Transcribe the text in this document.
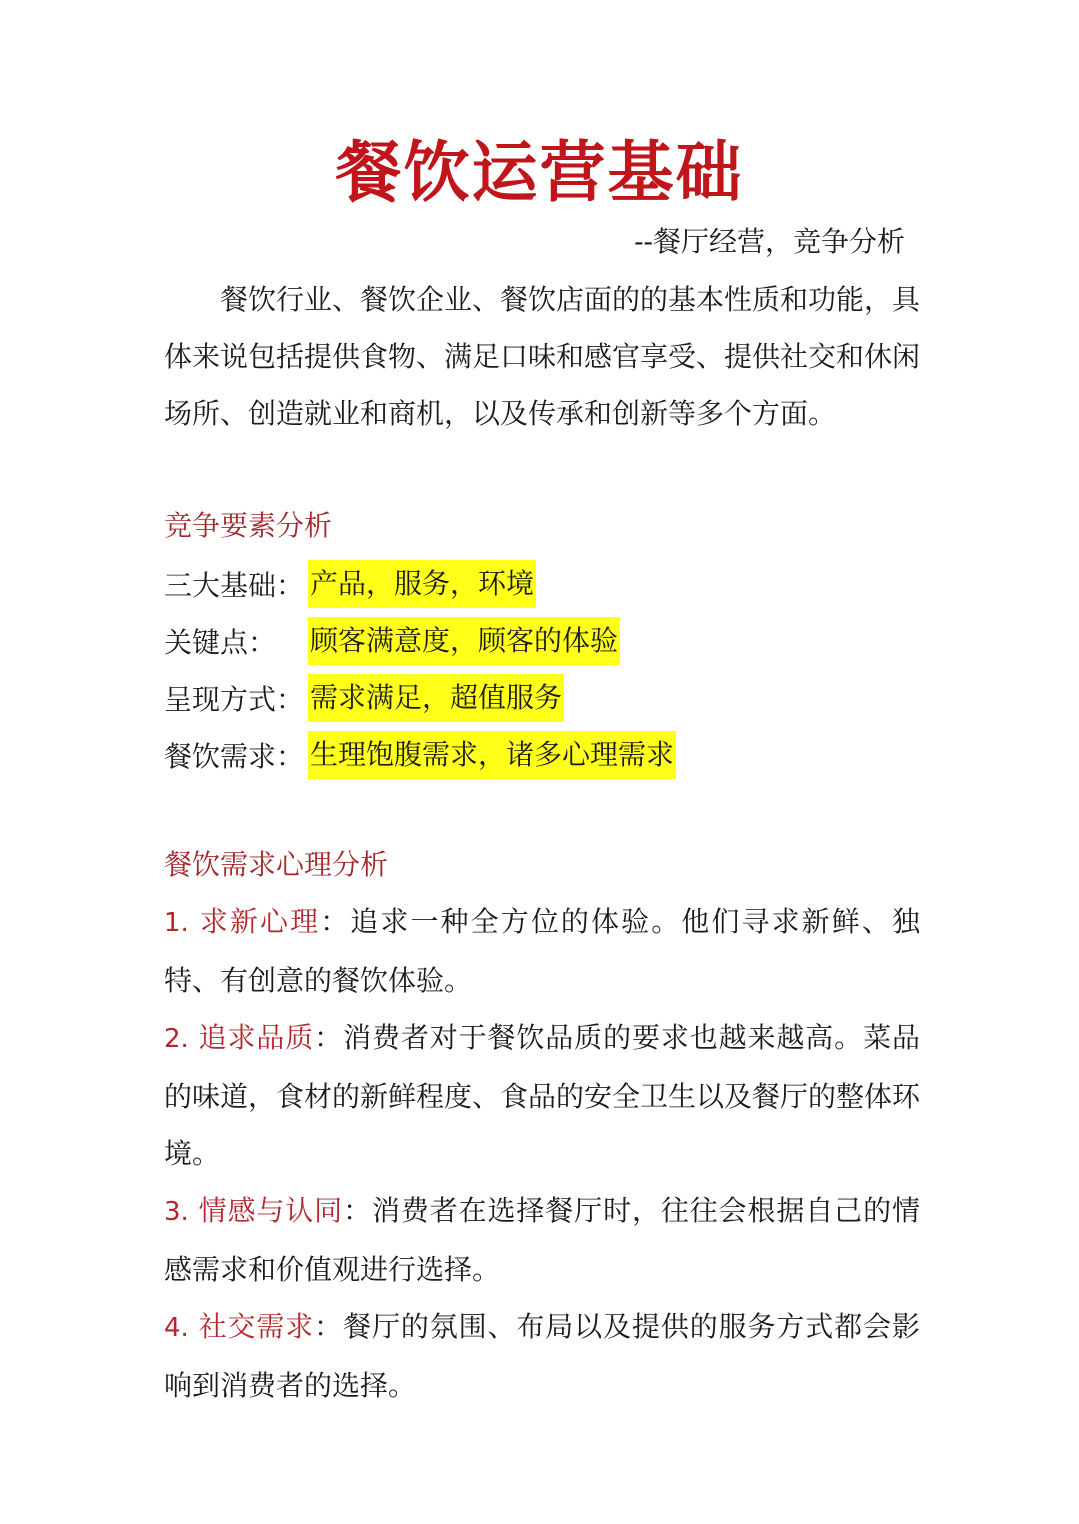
餐饮运营基础
--餐厅经营，竞争分析
餐饮行业、餐饮企业、餐饮店面的的基本性质和功能，具体来说包括提供食物、满足口味和感官享受、提供社交和休闲场所、创造就业和商机，以及传承和创新等多个方面。
竞争要素分析
三大基础： 产品，服务，环境
关键点：	顾客满意度，顾客的体验
呈现方式： 需求满足，超值服务
餐饮需求： 生理饱腹需求，诸多心理需求
餐饮需求心理分析
1. 求新心理：追求一种全方位的体验。他们寻求新鲜、独特、有创意的餐饮体验。
2. 追求品质：消费者对于餐饮品质的要求也越来越高。菜品的味道，食材的新鲜程度、食品的安全卫生以及餐厅的整体环境。
3. 情感与认同：消费者在选择餐厅时，往往会根据自己的情感需求和价值观进行选择。
4. 社交需求：餐厅的氛围、布局以及提供的服务方式都会影响到消费者的选择。
